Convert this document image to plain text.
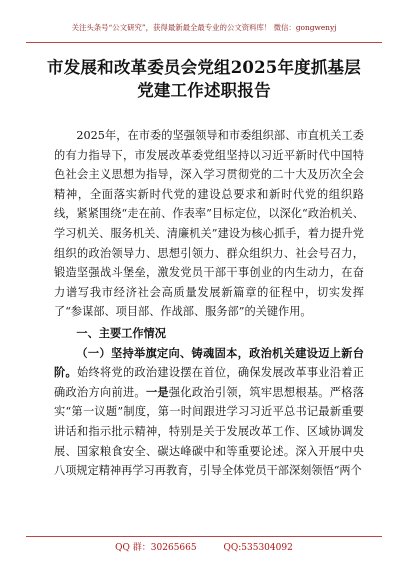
关注头条号“公文研究”，获得最新最全最专业的公文资料库！ 微信：gongwenyj
市发展和改革委员会党组2025年度抓基层党建工作述职报告

2025年，在市委的坚强领导和市委组织部、市直机关工委的有力指导下，市发展改革委党组坚持以习近平新时代中国特色社会主义思想为指导，深入学习贯彻党的二十大及历次全会精神，全面落实新时代党的建设总要求和新时代党的组织路线，紧紧围绕“走在前、作表率”目标定位，以深化“政治机关、学习机关、服务机关、清廉机关”建设为核心抓手，着力提升党组织的政治领导力、思想引领力、群众组织力、社会号召力，锻造坚强战斗堡垒，激发党员干部干事创业的内生动力，在奋力谱写我市经济社会高质量发展新篇章的征程中，切实发挥了“参谋部、项目部、作战部、服务部”的关键作用。

一、主要工作情况

（一）坚持举旗定向、铸魂固本，政治机关建设迈上新台阶。始终将党的政治建设摆在首位，确保发展改革事业沿着正确政治方向前进。一是强化政治引领，筑牢思想根基。严格落实“第一议题”制度，第一时间跟进学习习近平总书记最新重要讲话和指示批示精神，特别是关于发展改革工作、区域协调发展、国家粮食安全、碳达峰碳中和等重要论述。深入开展中央八项规定精神再学习再教育，引导全体党员干部深刻领悟“两个

QQ 群：30265665	QQ:535304092
